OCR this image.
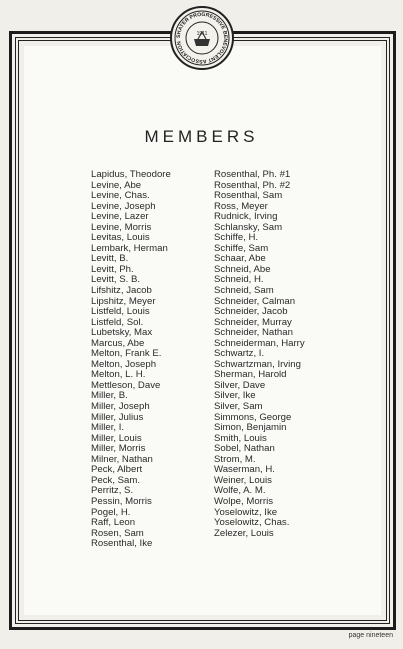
SHATER PROGRESSIVE BENEVOLENT ASSOCIATION
1911
MEMBERS
Lapidus, Theodore
Levine, Abe
Levine, Chas.
Levine, Joseph
Levine, Lazer
Levine, Morris
Levitas, Louis
Lembark, Herman
Levitt, B.
Levitt, Ph.
Levitt, S. B.
Lifshitz, Jacob
Lipshitz, Meyer
Listfeld, Louis
Listfeld, Sol.
Lubetsky, Max
Marcus, Abe
Melton, Frank E.
Melton, Joseph
Melton, L. H.
Mettleson, Dave
Miller, B.
Miller, Joseph
Miller, Julius
Miller, I.
Miller, Louis
Miller, Morris
Milner, Nathan
Peck, Albert
Peck, Sam.
Perritz, S.
Pessin, Morris
Pogel, H.
Raff, Leon
Rosen, Sam
Rosenthal, Ike
Rosenthal, Ph. #1
Rosenthal, Ph. #2
Rosenthal, Sam
Ross, Meyer
Rudnick, Irving
Schlansky, Sam
Schiffe, H.
Schiffe, Sam
Schaar, Abe
Schneid, Abe
Schneid, H.
Schneid, Sam
Schneider, Calman
Schneider, Jacob
Schneider, Murray
Schneider, Nathan
Schneiderman, Harry
Schwartz, I.
Schwartzman, Irving
Sherman, Harold
Silver, Dave
Silver, Ike
Silver, Sam
Simmons, George
Simon, Benjamin
Smith, Louis
Sobel, Nathan
Strom, M.
Waserman, H.
Weiner, Louis
Wolfe, A. M.
Wolpe, Morris
Yoselowitz, Ike
Yoselowitz, Chas.
Zelezer, Louis
page nineteen
